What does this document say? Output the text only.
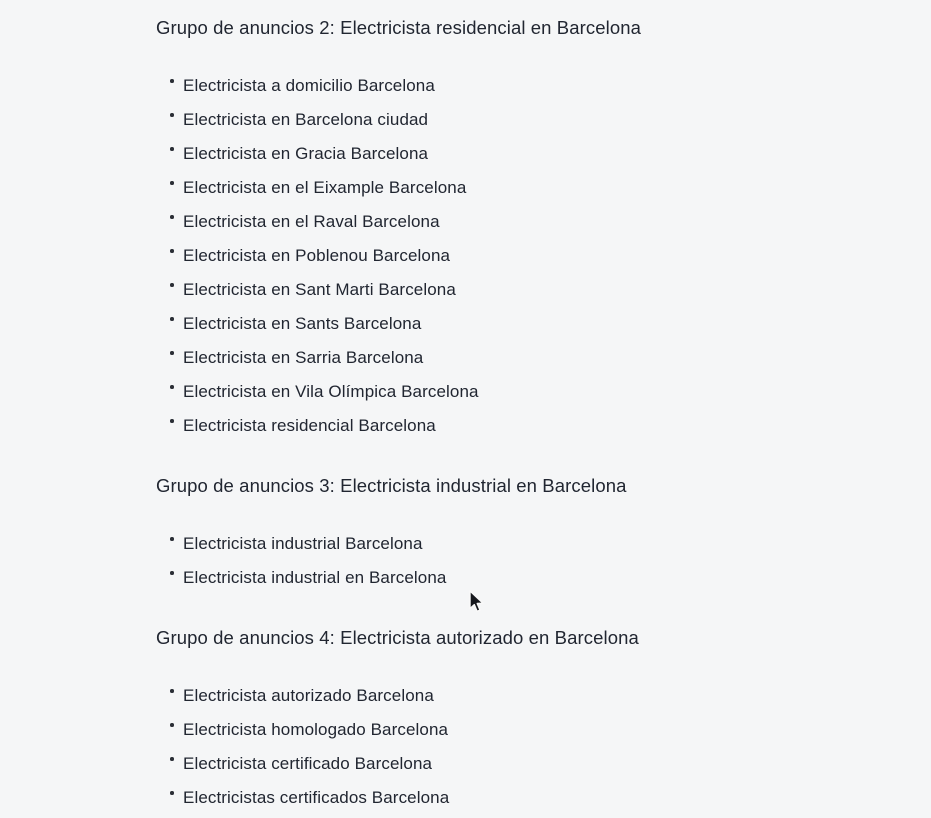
Grupo de anuncios 2: Electricista residencial en Barcelona
Electricista a domicilio Barcelona
Electricista en Barcelona ciudad
Electricista en Gracia Barcelona
Electricista en el Eixample Barcelona
Electricista en el Raval Barcelona
Electricista en Poblenou Barcelona
Electricista en Sant Marti Barcelona
Electricista en Sants Barcelona
Electricista en Sarria Barcelona
Electricista en Vila Olímpica Barcelona
Electricista residencial Barcelona
Grupo de anuncios 3: Electricista industrial en Barcelona
Electricista industrial Barcelona
Electricista industrial en Barcelona
Grupo de anuncios 4: Electricista autorizado en Barcelona
Electricista autorizado Barcelona
Electricista homologado Barcelona
Electricista certificado Barcelona
Electricistas certificados Barcelona
